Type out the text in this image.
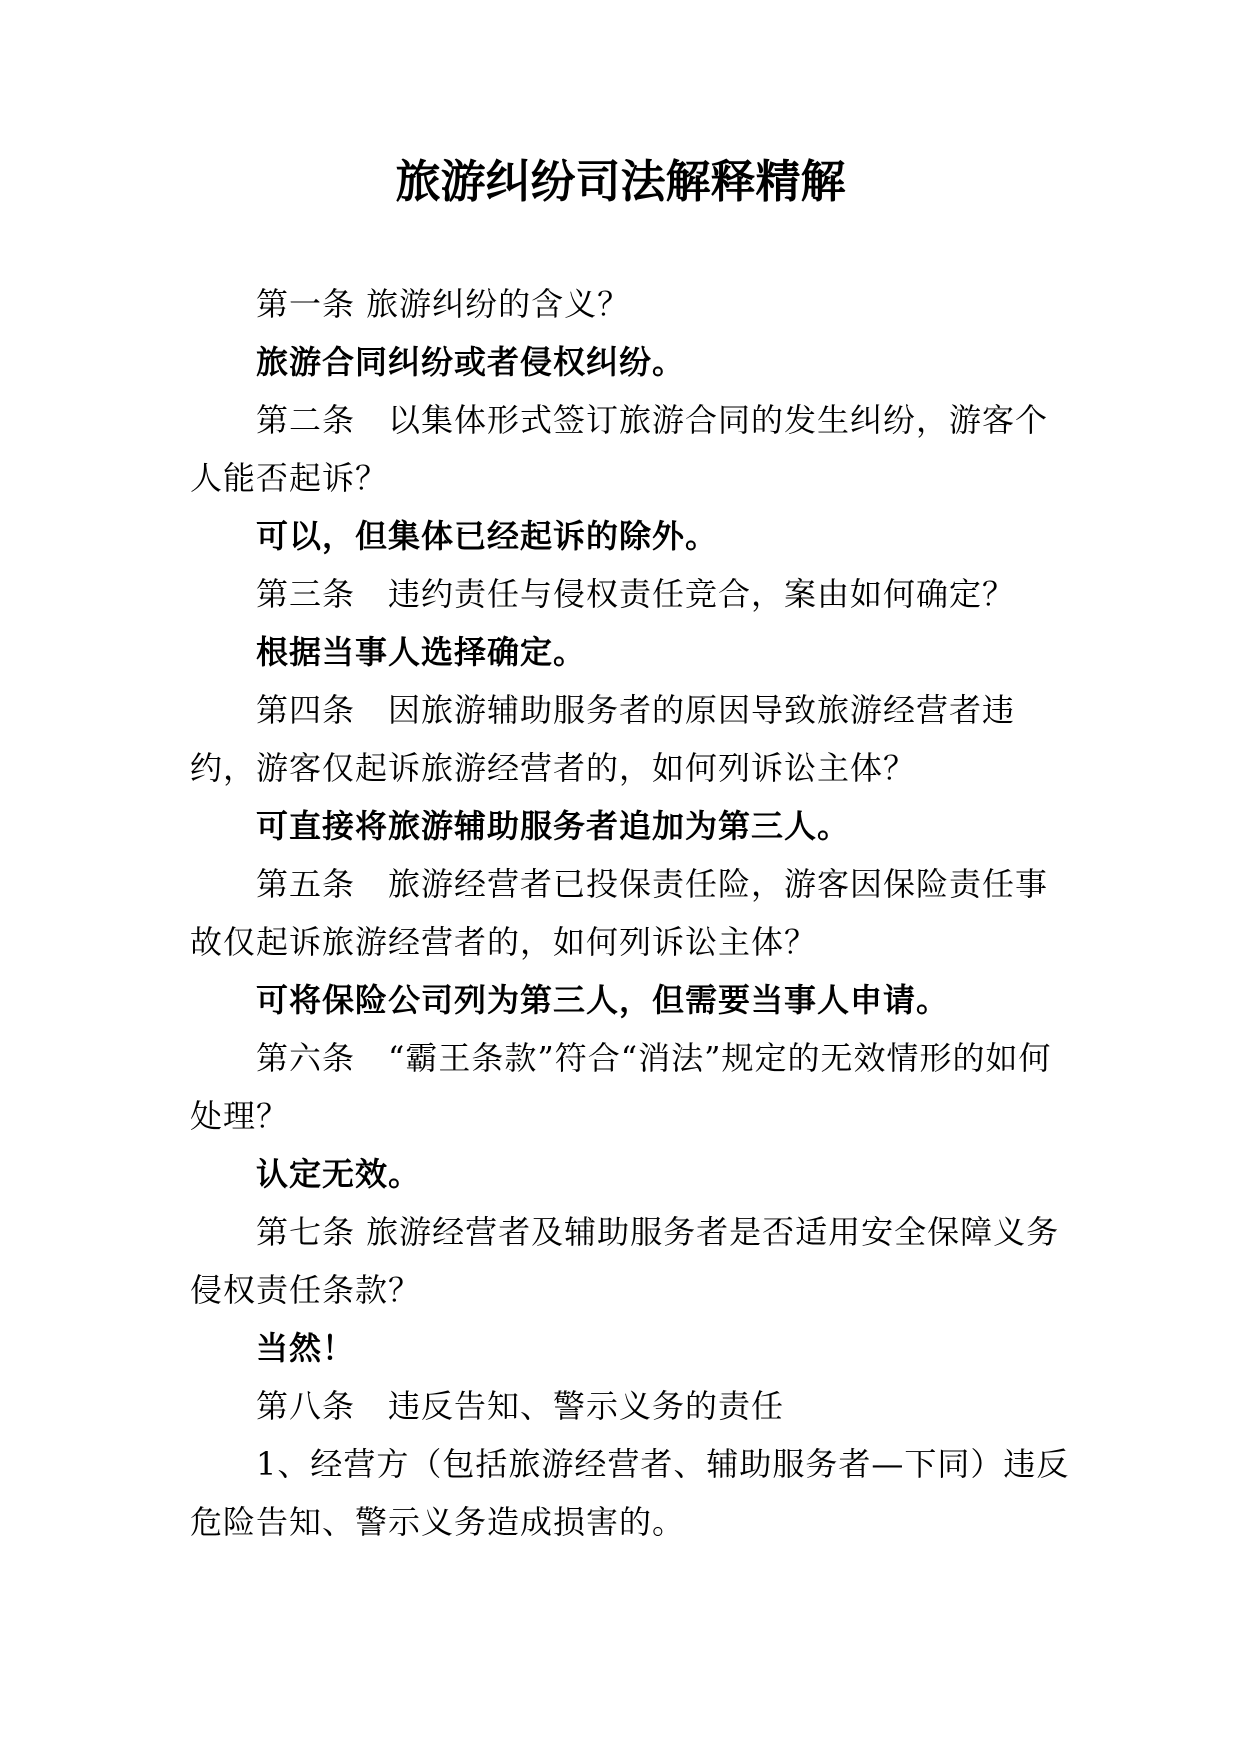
旅游纠纷司法解释精解

第一条 旅游纠纷的含义？

旅游合同纠纷或者侵权纠纷。

第二条　以集体形式签订旅游合同的发生纠纷，游客个人能否起诉？

可以，但集体已经起诉的除外。

第三条　违约责任与侵权责任竞合，案由如何确定？

根据当事人选择确定。

第四条　因旅游辅助服务者的原因导致旅游经营者违约，游客仅起诉旅游经营者的，如何列诉讼主体？

可直接将旅游辅助服务者追加为第三人。

第五条　旅游经营者已投保责任险，游客因保险责任事故仅起诉旅游经营者的，如何列诉讼主体？

可将保险公司列为第三人，但需要当事人申请。

第六条　“霸王条款”符合“消法”规定的无效情形的如何处理？

认定无效。

第七条 旅游经营者及辅助服务者是否适用安全保障义务侵权责任条款？

当然！

第八条　违反告知、警示义务的责任

1、经营方（包括旅游经营者、辅助服务者—下同）违反危险告知、警示义务造成损害的。
